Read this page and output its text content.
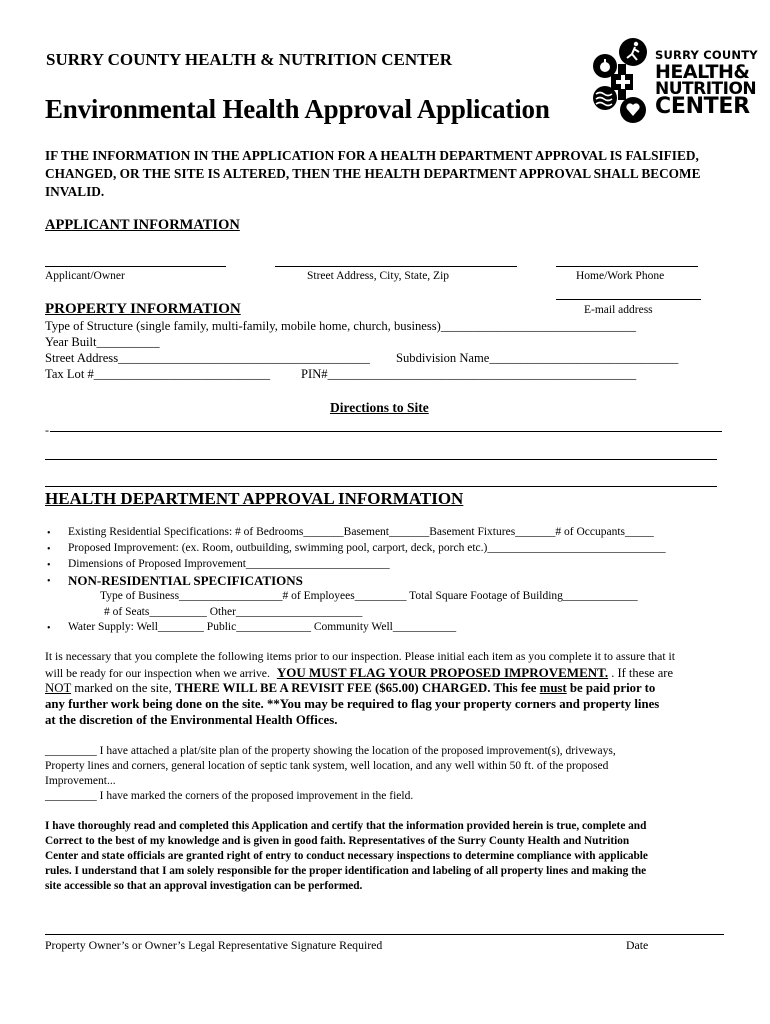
SURRY COUNTY HEALTH & NUTRITION CENTER
Environmental Health Approval Application
SURRY COUNTY
HEALTH&
NUTRITION
CENTER
IF THE INFORMATION IN THE APPLICATION FOR A HEALTH DEPARTMENT APPROVAL IS FALSIFIED, CHANGED, OR THE SITE IS ALTERED, THEN THE HEALTH DEPARTMENT APPROVAL SHALL BECOME INVALID.
APPLICANT INFORMATION
Applicant/Owner	Street Address, City, State, Zip	Home/Work Phone
E-mail address
PROPERTY INFORMATION
Type of Structure (single family, multi-family, mobile home, church, business)_______________________________
Year Built__________
Street Address________________________________________ Subdivision Name______________________________
Tax Lot #____________________________ PIN#_________________________________________________
Directions to Site
-
HEALTH DEPARTMENT APPROVAL INFORMATION
• Existing Residential Specifications: # of Bedrooms_______Basement_______Basement Fixtures_______# of Occupants_____
• Proposed Improvement: (ex. Room, outbuilding, swimming pool, carport, deck, porch etc.)_______________________________
• Dimensions of Proposed Improvement_________________________
• NON-RESIDENTIAL SPECIFICATIONS
Type of Business__________________# of Employees_________ Total Square Footage of Building_____________
# of Seats__________ Other______________________
• Water Supply: Well________ Public_____________ Community Well___________
It is necessary that you complete the following items prior to our inspection. Please initial each item as you complete it to assure that it
will be ready for our inspection when we arrive. YOU MUST FLAG YOUR PROPOSED IMPROVEMENT. . If these are
NOT marked on the site, THERE WILL BE A REVISIT FEE ($65.00) CHARGED. This fee must be paid prior to
any further work being done on the site. **You may be required to flag your property corners and property lines
at the discretion of the Environmental Health Offices.
_________ I have attached a plat/site plan of the property showing the location of the proposed improvement(s), driveways,
Property lines and corners, general location of septic tank system, well location, and any well within 50 ft. of the proposed
Improvement...
_________ I have marked the corners of the proposed improvement in the field.
I have thoroughly read and completed this Application and certify that the information provided herein is true, complete and
Correct to the best of my knowledge and is given in good faith. Representatives of the Surry County Health and Nutrition
Center and state officials are granted right of entry to conduct necessary inspections to determine compliance with applicable
rules. I understand that I am solely responsible for the proper identification and labeling of all property lines and making the
site accessible so that an approval investigation can be performed.
Property Owner’s or Owner’s Legal Representative Signature Required	Date
